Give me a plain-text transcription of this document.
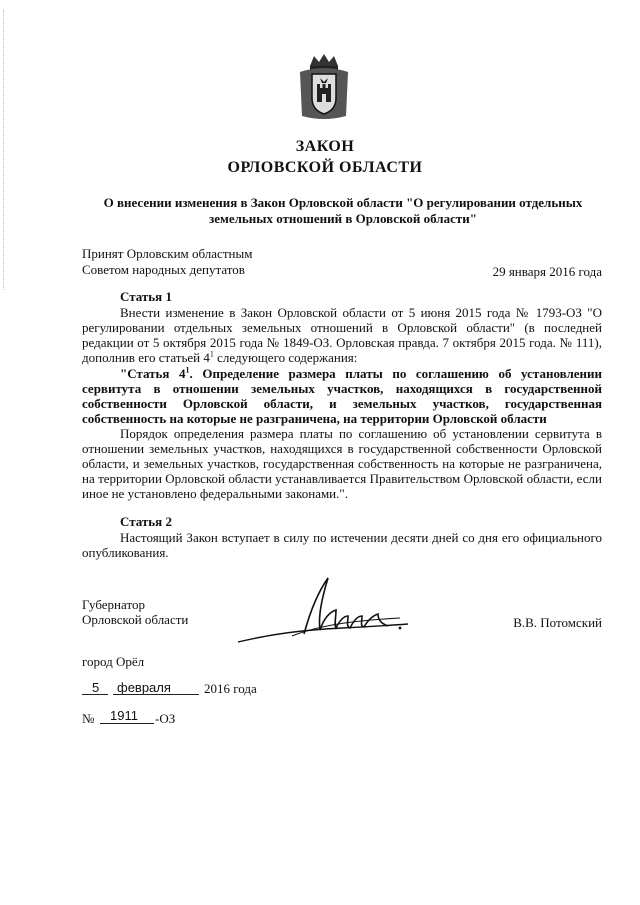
ЗАКОН
ОРЛОВСКОЙ ОБЛАСТИ
О внесении изменения в Закон Орловской области "О регулировании отдельных земельных отношений в Орловской области"
Принят Орловским областным
Советом народных депутатов	29 января 2016 года
Статья 1
Внести изменение в Закон Орловской области от 5 июня 2015 года № 1793-ОЗ "О регулировании отдельных земельных отношений в Орловской области" (в последней редакции от 5 октября 2015 года № 1849-ОЗ. Орловская правда. 7 октября 2015 года. № 111), дополнив его статьей $4^1$ следующего содержания:
"Статья $4^1$. Определение размера платы по соглашению об установлении сервитута в отношении земельных участков, находящихся в государственной собственности Орловской области, и земельных участков, государственная собственность на которые не разграничена, на территории Орловской области
Порядок определения размера платы по соглашению об установлении сервитута в отношении земельных участков, находящихся в государственной собственности Орловской области, и земельных участков, государственная собственность на которые не разграничена, на территории Орловской области устанавливается Правительством Орловской области, если иное не установлено федеральными законами.".
Статья 2
Настоящий Закон вступает в силу по истечении десяти дней со дня его официального опубликования.
Губернатор
Орловской области	В.В. Потомский
город Орёл
5 февраля	2016 года
№ 1911 -ОЗ
